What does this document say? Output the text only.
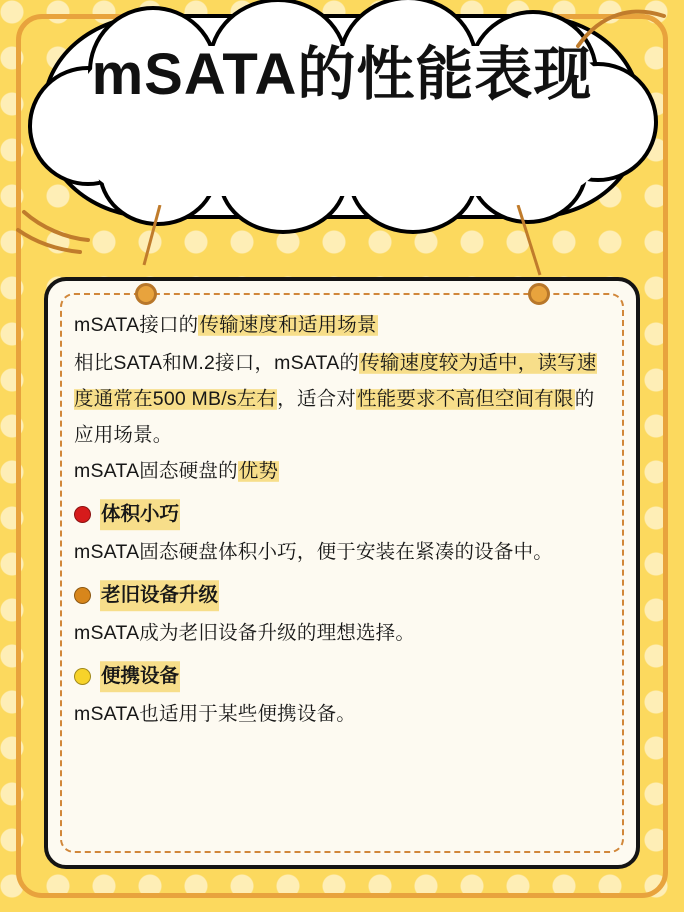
mSATA的性能表现

mSATA接口的传输速度和适用场景

相比SATA和M.2接口，mSATA的传输速度较为适中，读写速度通常在500 MB/s左右，适合对性能要求不高但空间有限的应用场景。

mSATA固态硬盘的优势

体积小巧

mSATA固态硬盘体积小巧，便于安装在紧凑的设备中。

老旧设备升级

mSATA成为老旧设备升级的理想选择。

便携设备

mSATA也适用于某些便携设备。
